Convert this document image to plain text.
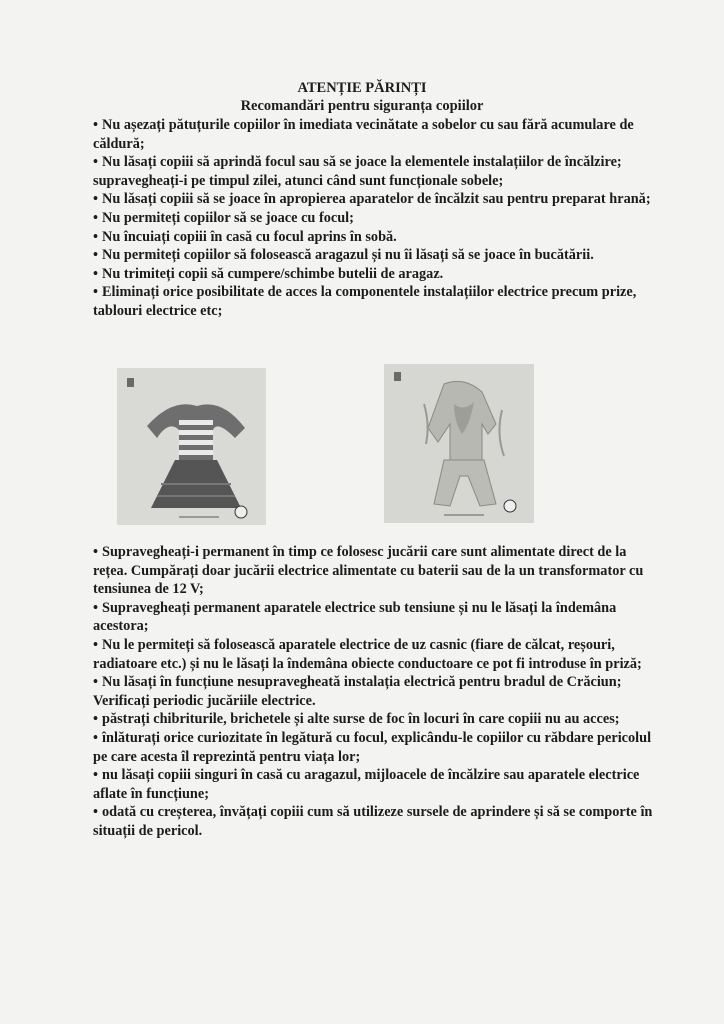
ATENȚIE PĂRINȚI
Recomandări pentru siguranța copiilor

• Nu așezați pătuțurile copiilor în imediata vecinătate a sobelor cu sau fără acumulare de căldură;

• Nu lăsați copiii să aprindă focul sau să se joace la elementele instalațiilor de încălzire; supravegheați-i pe timpul zilei, atunci când sunt funcționale sobele;

• Nu lăsați copiii să se joace în apropierea aparatelor de încălzit sau pentru preparat hrană;

• Nu permiteți copiilor să se joace cu focul;

• Nu încuiați copiii în casă cu focul aprins în sobă.

• Nu permiteți copiilor să folosească aragazul și nu îi lăsați să se joace în bucătării.

• Nu trimiteți copii să cumpere/schimbe butelii de aragaz.

• Eliminați orice posibilitate de acces la componentele instalațiilor electrice precum prize, tablouri electrice etc;

• Supravegheați-i permanent în timp ce folosesc jucării care sunt alimentate direct de la rețea. Cumpărați doar jucării electrice alimentate cu baterii sau de la un transformator cu tensiunea de 12 V;

• Supravegheați permanent aparatele electrice sub tensiune și nu le lăsați la îndemâna acestora;

• Nu le permiteți să folosească aparatele electrice de uz casnic (fiare de călcat, reșouri, radiatoare etc.) și nu le lăsați la îndemâna obiecte conductoare ce pot fi introduse în priză;

• Nu lăsați în funcțiune nesupravegheată instalația electrică pentru bradul de Crăciun; Verificați periodic jucăriile electrice.

• păstrați chibriturile, brichetele și alte surse de foc în locuri în care copiii nu au acces;

• înlăturați orice curiozitate în legătură cu focul, explicându-le copiilor cu răbdare pericolul pe care acesta îl reprezintă pentru viața lor;

• nu lăsați copiii singuri în casă cu aragazul, mijloacele de încălzire sau aparatele electrice aflate în funcțiune;

• odată cu creșterea, învățați copiii cum să utilizeze sursele de aprindere și să se comporte în situații de pericol.
